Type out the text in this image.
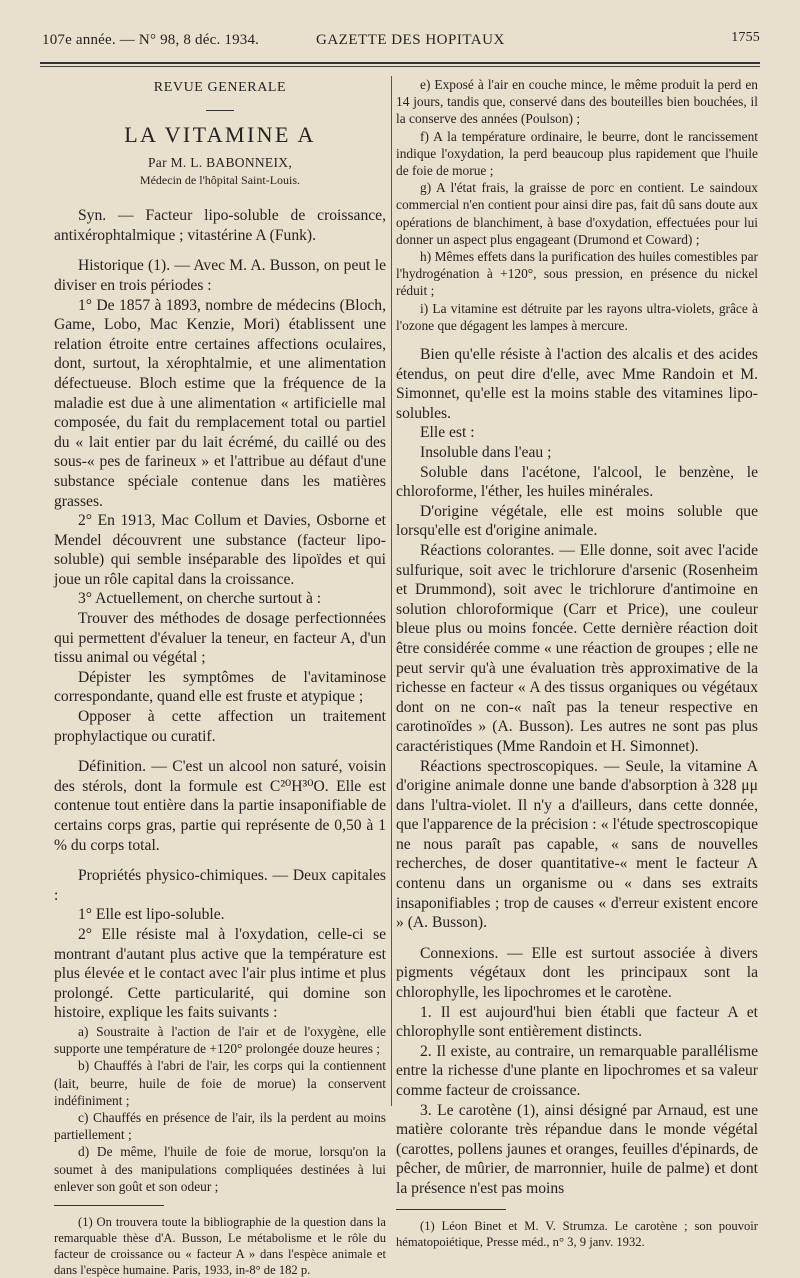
107e année. — N° 98, 8 déc. 1934.	GAZETTE DES HOPITAUX	1755
REVUE GENERALE
LA VITAMINE A
Par M. L. BABONNEIX,
Médecin de l'hôpital Saint-Louis.

Syn. — Facteur lipo-soluble de croissance, antixérophtalmique ; vitastérine A (Funk).

Historique (1). — Avec M. A. Busson, on peut le diviser en trois périodes :

1° De 1857 à 1893, nombre de médecins (Bloch, Game, Lobo, Mac Kenzie, Mori) établissent une relation étroite entre certaines affections oculaires, dont, surtout, la xérophtalmie, et une alimentation défectueuse. Bloch estime que la fréquence de la maladie est due à une alimentation « artificielle mal composée, du fait du remplacement total ou partiel du « lait entier par du lait écrémé, du caillé ou des sous-« pes de farineux » et l'attribue au défaut d'une substance spéciale contenue dans les matières grasses.

2° En 1913, Mac Collum et Davies, Osborne et Mendel découvrent une substance (facteur lipo-soluble) qui semble inséparable des lipoïdes et qui joue un rôle capital dans la croissance.

3° Actuellement, on cherche surtout à :

Trouver des méthodes de dosage perfectionnées qui permettent d'évaluer la teneur, en facteur A, d'un tissu animal ou végétal ;

Dépister les symptômes de l'avitaminose correspondante, quand elle est fruste et atypique ;

Opposer à cette affection un traitement prophylactique ou curatif.

Définition. — C'est un alcool non saturé, voisin des stérols, dont la formule est C²⁰H³⁰O. Elle est contenue tout entière dans la partie insaponifiable de certains corps gras, partie qui représente de 0,50 à 1 % du corps total.

Propriétés physico-chimiques. — Deux capitales :

1° Elle est lipo-soluble.

2° Elle résiste mal à l'oxydation, celle-ci se montrant d'autant plus active que la température est plus élevée et le contact avec l'air plus intime et plus prolongé. Cette particularité, qui domine son histoire, explique les faits suivants :

a) Soustraite à l'action de l'air et de l'oxygène, elle supporte une température de +120° prolongée douze heures ;

b) Chauffés à l'abri de l'air, les corps qui la contiennent (lait, beurre, huile de foie de morue) la conservent indéfiniment ;

c) Chauffés en présence de l'air, ils la perdent au moins partiellement ;

d) De même, l'huile de foie de morue, lorsqu'on la soumet à des manipulations compliquées destinées à lui enlever son goût et son odeur ;

(1) On trouvera toute la bibliographie de la question dans la remarquable thèse d'A. Busson, Le métabolisme et le rôle du facteur de croissance ou « facteur A » dans l'espèce animale et dans l'espèce humaine. Paris, 1933, in-8° de 182 p.

e) Exposé à l'air en couche mince, le même produit la perd en 14 jours, tandis que, conservé dans des bouteilles bien bouchées, il la conserve des années (Poulson) ;

f) A la température ordinaire, le beurre, dont le rancissement indique l'oxydation, la perd beaucoup plus rapidement que l'huile de foie de morue ;

g) A l'état frais, la graisse de porc en contient. Le saindoux commercial n'en contient pour ainsi dire pas, fait dû sans doute aux opérations de blanchiment, à base d'oxydation, effectuées pour lui donner un aspect plus engageant (Drumond et Coward) ;

h) Mêmes effets dans la purification des huiles comestibles par l'hydrogénation à +120°, sous pression, en présence du nickel réduit ;

i) La vitamine est détruite par les rayons ultra-violets, grâce à l'ozone que dégagent les lampes à mercure.

Bien qu'elle résiste à l'action des alcalis et des acides étendus, on peut dire d'elle, avec Mme Randoin et M. Simonnet, qu'elle est la moins stable des vitamines lipo-solubles.

Elle est :

Insoluble dans l'eau ;

Soluble dans l'acétone, l'alcool, le benzène, le chloroforme, l'éther, les huiles minérales.

D'origine végétale, elle est moins soluble que lorsqu'elle est d'origine animale.

Réactions colorantes. — Elle donne, soit avec l'acide sulfurique, soit avec le trichlorure d'arsenic (Rosenheim et Drummond), soit avec le trichlorure d'antimoine en solution chloroformique (Carr et Price), une couleur bleue plus ou moins foncée. Cette dernière réaction doit être considérée comme « une réaction de groupes ; elle ne peut servir qu'à une évaluation très approximative de la richesse en facteur « A des tissus organiques ou végétaux dont on ne con-« naît pas la teneur respective en carotinoïdes » (A. Busson). Les autres ne sont pas plus caractéristiques (Mme Randoin et H. Simonnet).

Réactions spectroscopiques. — Seule, la vitamine A d'origine animale donne une bande d'absorption à 328 μμ dans l'ultra-violet. Il n'y a d'ailleurs, dans cette donnée, que l'apparence de la précision : « l'étude spectroscopique ne nous paraît pas capable, « sans de nouvelles recherches, de doser quantitative-« ment le facteur A contenu dans un organisme ou « dans ses extraits insaponifiables ; trop de causes « d'erreur existent encore » (A. Busson).

Connexions. — Elle est surtout associée à divers pigments végétaux dont les principaux sont la chlorophylle, les lipochromes et le carotène.

1. Il est aujourd'hui bien établi que facteur A et chlorophylle sont entièrement distincts.

2. Il existe, au contraire, un remarquable parallélisme entre la richesse d'une plante en lipochromes et sa valeur comme facteur de croissance.

3. Le carotène (1), ainsi désigné par Arnaud, est une matière colorante très répandue dans le monde végétal (carottes, pollens jaunes et oranges, feuilles d'épinards, de pêcher, de mûrier, de marronnier, huile de palme) et dont la présence n'est pas moins

(1) Léon Binet et M. V. Strumza. Le carotène ; son pouvoir hématopoiétique, Presse méd., n° 3, 9 janv. 1932.
